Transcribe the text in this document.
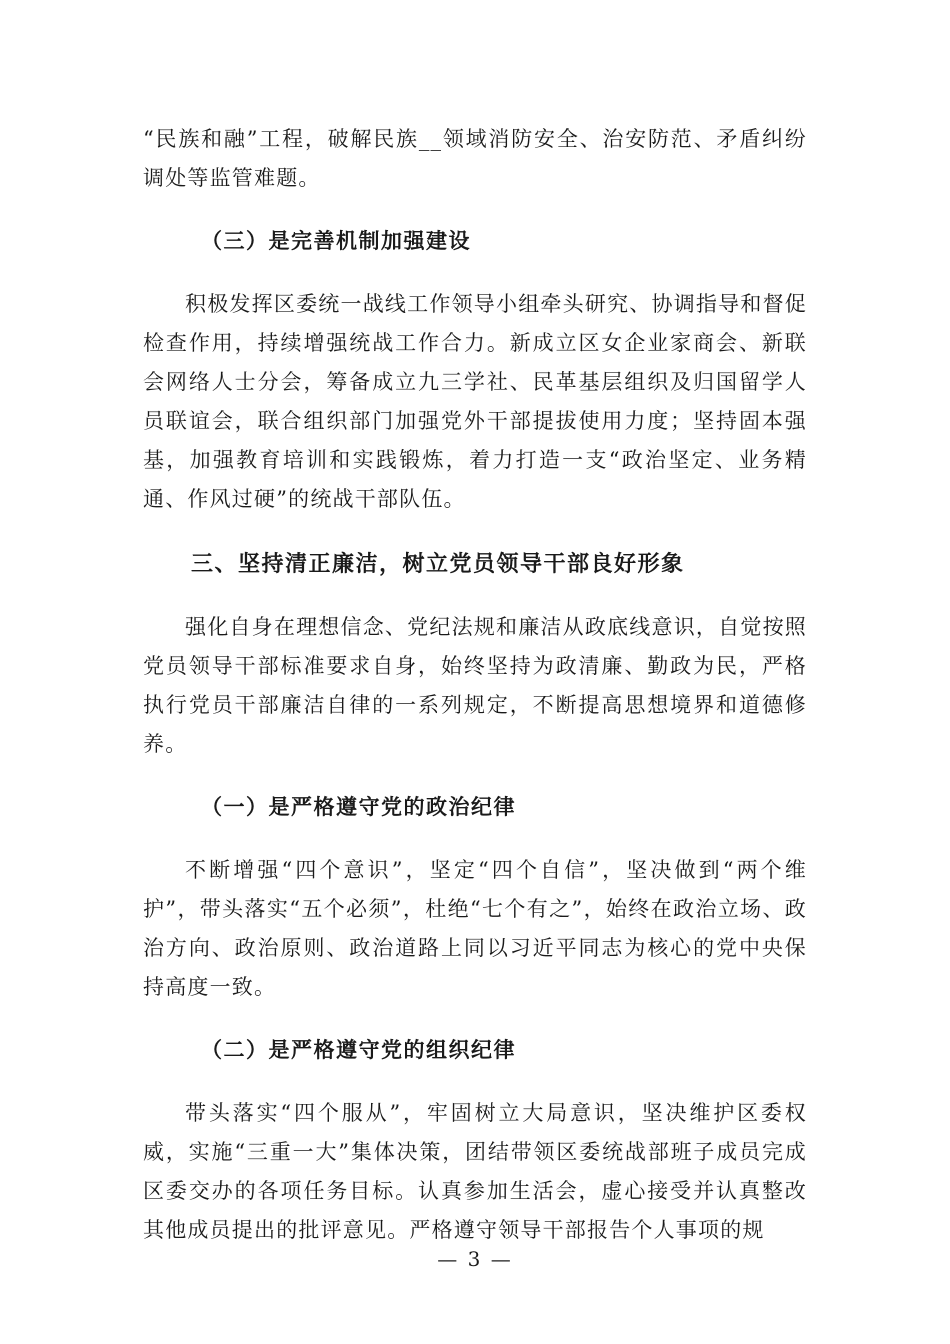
“民族和融”工程，破解民族__领域消防安全、治安防范、矛盾纠纷调处等监管难题。

（三）是完善机制加强建设

积极发挥区委统一战线工作领导小组牵头研究、协调指导和督促检查作用，持续增强统战工作合力。新成立区女企业家商会、新联会网络人士分会，筹备成立九三学社、民革基层组织及归国留学人员联谊会，联合组织部门加强党外干部提拔使用力度；坚持固本强基，加强教育培训和实践锻炼，着力打造一支“政治坚定、业务精通、作风过硬”的统战干部队伍。

三、坚持清正廉洁，树立党员领导干部良好形象

强化自身在理想信念、党纪法规和廉洁从政底线意识，自觉按照党员领导干部标准要求自身，始终坚持为政清廉、勤政为民，严格执行党员干部廉洁自律的一系列规定，不断提高思想境界和道德修养。

（一）是严格遵守党的政治纪律

不断增强“四个意识”，坚定“四个自信”，坚决做到“两个维护”，带头落实“五个必须”，杜绝“七个有之”，始终在政治立场、政治方向、政治原则、政治道路上同以习近平同志为核心的党中央保持高度一致。

（二）是严格遵守党的组织纪律

带头落实“四个服从”，牢固树立大局意识，坚决维护区委权威，实施“三重一大”集体决策，团结带领区委统战部班子成员完成区委交办的各项任务目标。认真参加生活会，虚心接受并认真整改其他成员提出的批评意见。严格遵守领导干部报告个人事项的规

— 3 —
